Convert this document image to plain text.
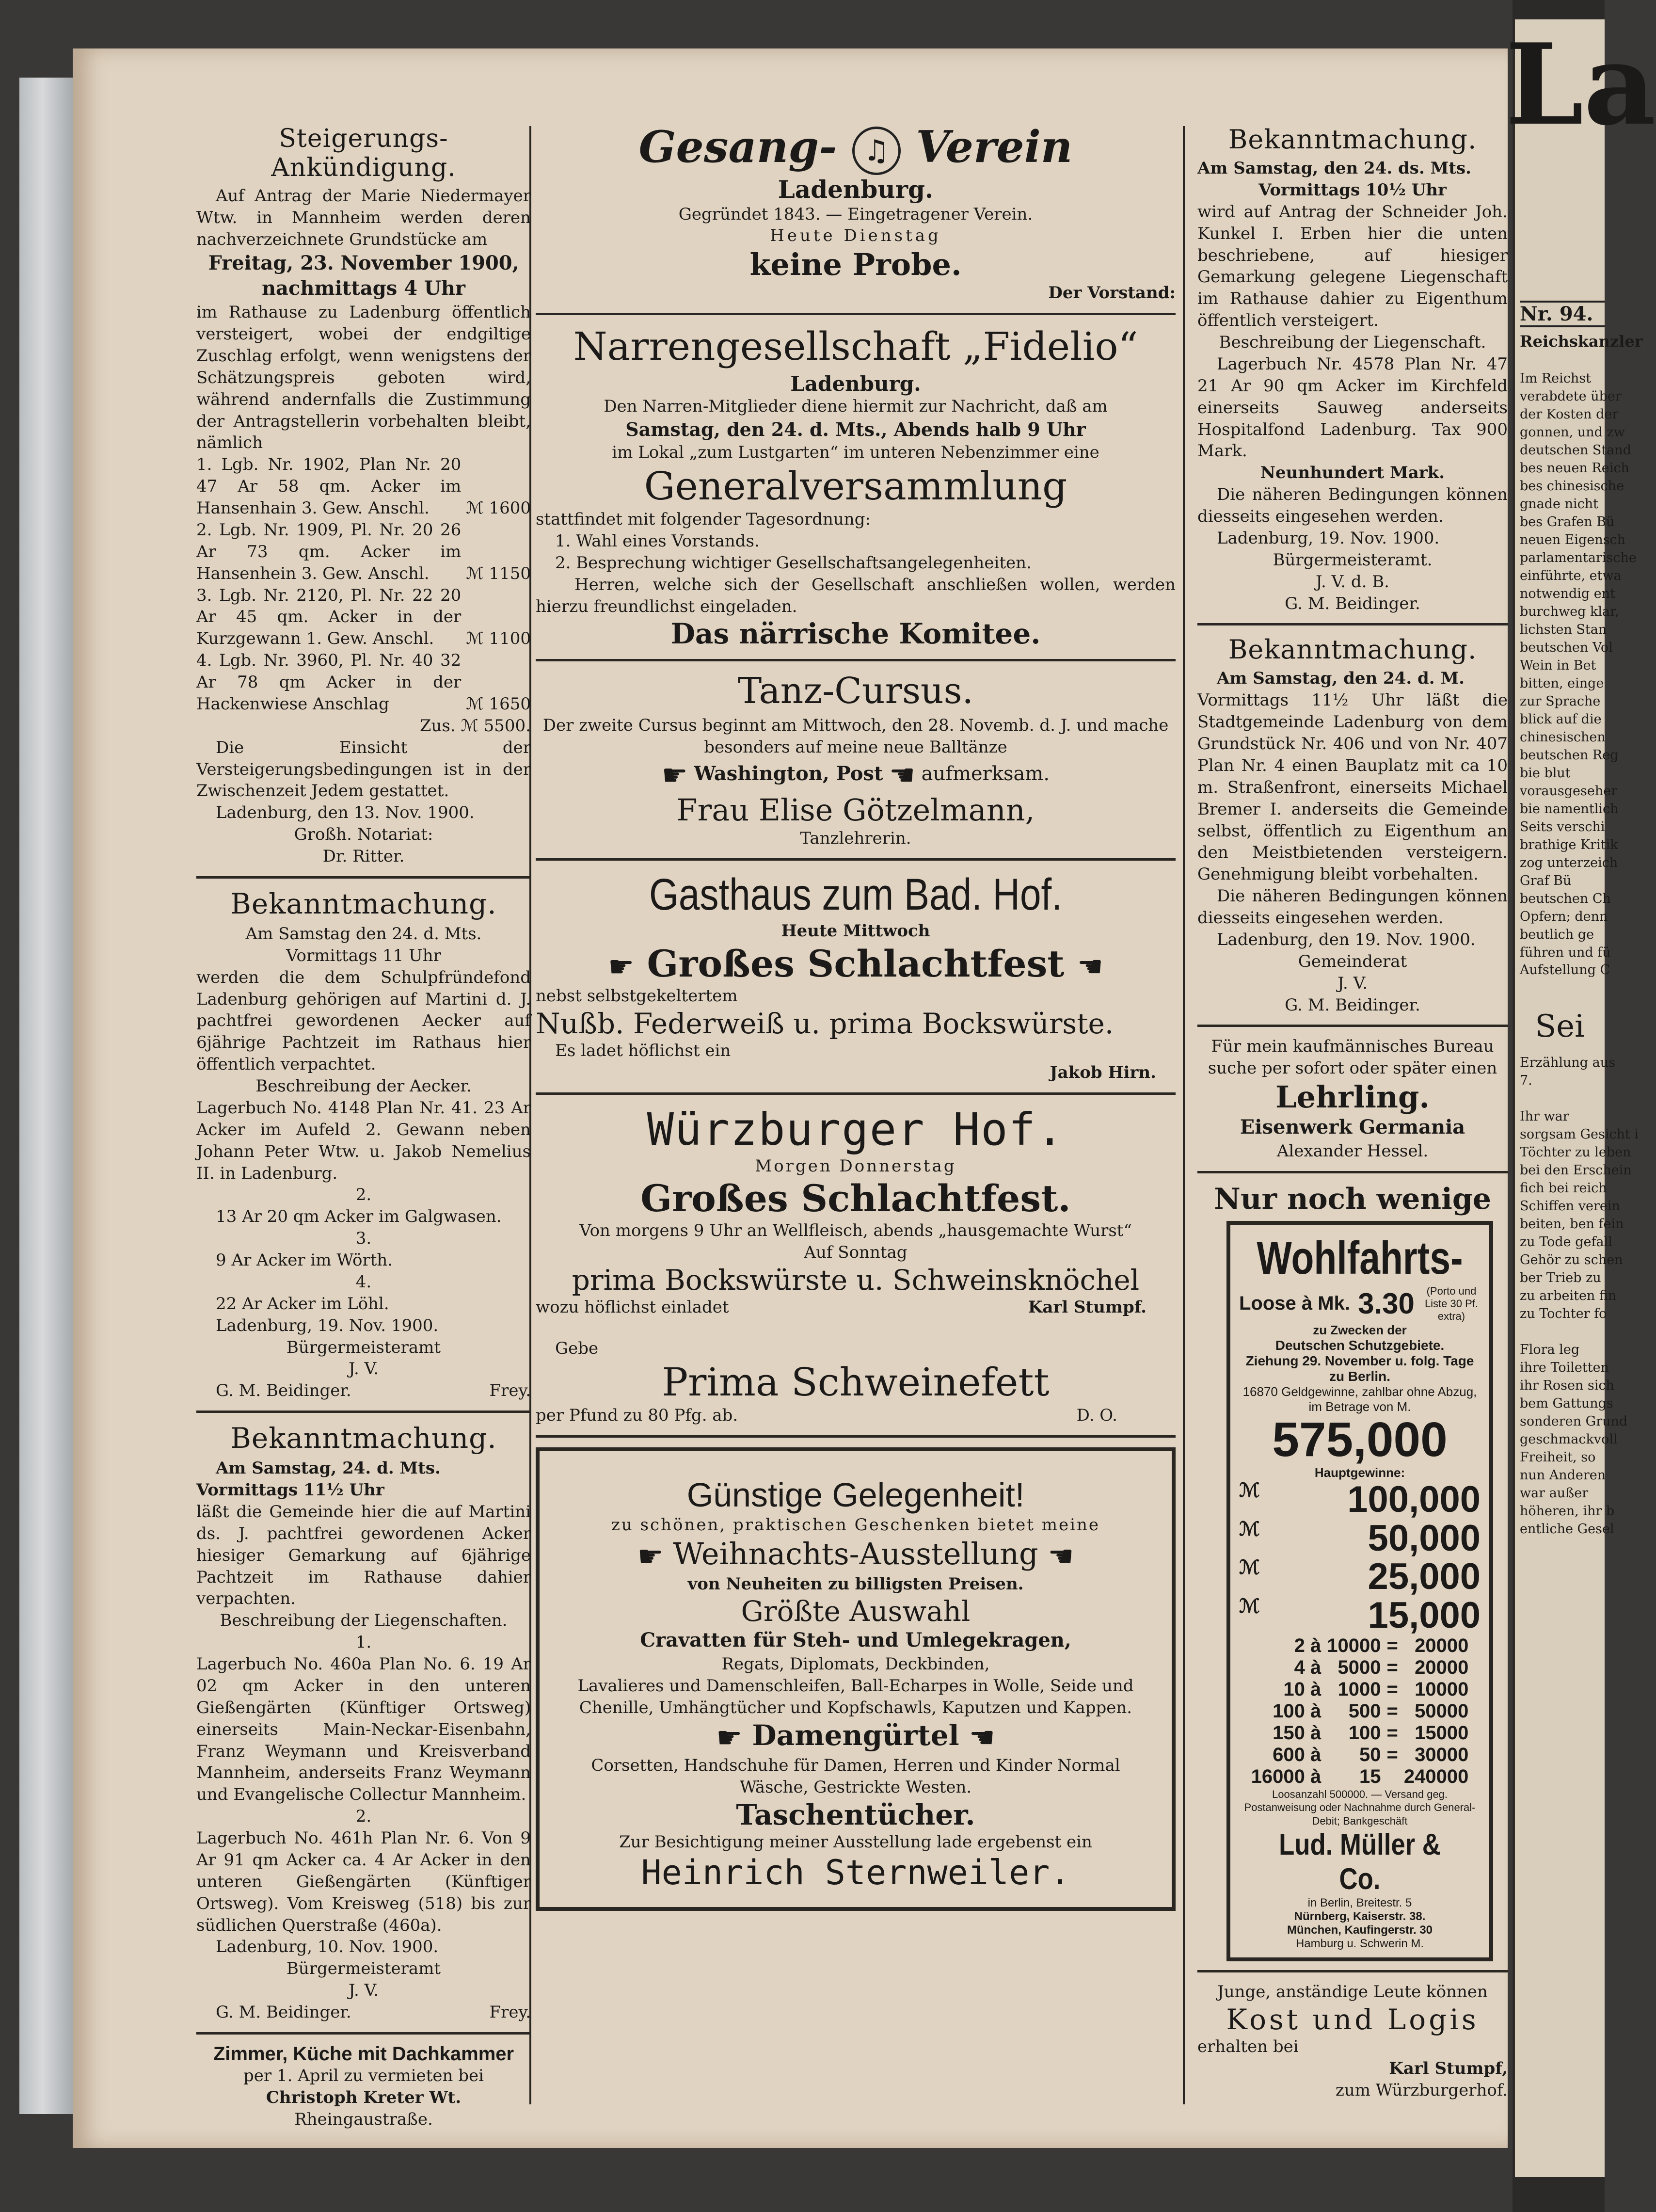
La
Nr. 94.
Reichskanzler
Im Reichst
verabdete über
der Kosten der
gonnen, und zw
deutschen Stand
bes neuen Reich
bes chinesische
gnade nicht
bes Grafen Bü
neuen Eigensch
parlamentarische
einführte, etwa
notwendig ent
burchweg klar,
lichsten Stan
beutschen Vol
Wein in Bet
bitten, einge
zur Sprache
blick auf die
chinesischen
beutschen Reg
bie blut
vorausgeseher
bie namentlich
Seits verschi
brathige Kritik
zog unterzeich
Graf Bü
beutschen Ch
Opfern; denn
beutlich ge
führen und fü
Aufstellung C
Sei
Erzählung aus
7.

Ihr war
sorgsam Gesicht i
Töchter zu leben
bei den Erschein
fich bei reich
Schiffen verein
beiten, ben fein
zu Tode gefall
Gehör zu schen
ber Trieb zu
zu arbeiten fin
zu Tochter fo

Flora leg
ihre Toiletten
ihr Rosen sich
bem Gattungs
sonderen Grund
geschmackvoll
Freiheit, so
nun Anderen
war außer
höheren, ihr b
entliche Gesel
Steigerungs-Ankündigung.

Auf Antrag der Marie Niedermayer Wtw. in Mannheim werden deren nachverzeichnete Grundstücke am

Freitag, 23. November 1900,

nachmittags 4 Uhr

im Rathause zu Ladenburg öffentlich versteigert, wobei der endgiltige Zuschlag erfolgt, wenn wenigstens der Schätzungspreis geboten wird, während andernfalls die Zustimmung der Antragstellerin vorbehalten bleibt, nämlich

1. Lgb. Nr. 1902, Plan Nr. 20 47 Ar 58 qm. Acker im Hansenhain 3. Gew. Anschl.	ℳ 1600
2. Lgb. Nr. 1909, Pl. Nr. 20 26 Ar 73 qm. Acker im Hansenhein 3. Gew. Anschl.	ℳ 1150
3. Lgb. Nr. 2120, Pl. Nr. 22 20 Ar 45 qm. Acker in der Kurzgewann 1. Gew. Anschl.	ℳ 1100
4. Lgb. Nr. 3960, Pl. Nr. 40 32 Ar 78 qm Acker in der Hackenwiese Anschlag	ℳ 1650

Zus. ℳ 5500.

Die Einsicht der Versteigerungsbedingungen ist in der Zwischenzeit Jedem gestattet.

Ladenburg, den 13. Nov. 1900.

Großh. Notariat:

Dr. Ritter.

Bekanntmachung.

Am Samstag den 24. d. Mts.

Vormittags 11 Uhr

werden die dem Schulpfründefond Ladenburg gehörigen auf Martini d. J. pachtfrei gewordenen Aecker auf 6jährige Pachtzeit im Rathaus hier öffentlich verpachtet.

Beschreibung der Aecker.

Lagerbuch No. 4148 Plan Nr. 41. 23 Ar Acker im Aufeld 2. Gewann neben Johann Peter Wtw. u. Jakob Nemelius II. in Ladenburg.

2.

13 Ar 20 qm Acker im Galgwasen.

3.

9 Ar Acker im Wörth.

4.

22 Ar Acker im Löhl.

Ladenburg, 19. Nov. 1900.

Bürgermeisteramt

J. V.

G. M. Beidinger.	Frey.
Bekanntmachung.

Am Samstag, 24. d. Mts.

Vormittags 11½ Uhr

läßt die Gemeinde hier die auf Martini ds. J. pachtfrei gewordenen Acker hiesiger Gemarkung auf 6jährige Pachtzeit im Rathause dahier verpachten.

Beschreibung der Liegenschaften.

1.

Lagerbuch No. 460a Plan No. 6. 19 Ar 02 qm Acker in den unteren Gießengärten (Künftiger Ortsweg) einerseits Main-Neckar-Eisenbahn, Franz Weymann und Kreisverband Mannheim, anderseits Franz Weymann und Evangelische Collectur Mannheim.

2.

Lagerbuch No. 461h Plan Nr. 6. Von 9 Ar 91 qm Acker ca. 4 Ar Acker in den unteren Gießengärten (Künftiger Ortsweg). Vom Kreisweg (518) bis zur südlichen Querstraße (460a).

Ladenburg, 10. Nov. 1900.

Bürgermeisteramt

J. V.

G. M. Beidinger.	Frey.

Zimmer, Küche mit Dachkammer

per 1. April zu vermieten bei

Christoph Kreter Wt.

Rheingaustraße.

Gesang- ♫ Verein

Ladenburg.

Gegründet 1843. — Eingetragener Verein.

Heute Dienstag

keine Probe.

Der Vorstand:

Narrengesellschaft „Fidelio“

Ladenburg.

Den Narren-Mitglieder diene hiermit zur Nachricht, daß am

Samstag, den 24. d. Mts., Abends halb 9 Uhr

im Lokal „zum Lustgarten“ im unteren Nebenzimmer eine

Generalversammlung

stattfindet mit folgender Tagesordnung:

1. Wahl eines Vorstands.

2. Besprechung wichtiger Gesellschaftsangelegenheiten.

Herren, welche sich der Gesellschaft anschließen wollen, werden hierzu freundlichst eingeladen.

Das närrische Komitee.

Tanz-Cursus.

Der zweite Cursus beginnt am Mittwoch, den 28. Novemb. d. J. und mache besonders auf meine neue Balltänze

☛ Washington, Post ☚ aufmerksam.

Frau Elise Götzelmann,

Tanzlehrerin.

Gasthaus zum Bad. Hof.

Heute Mittwoch

☛ Großes Schlachtfest ☚

nebst selbstgekeltertem

Nußb. Federweiß u. prima Bockswürste.

Es ladet höflichst ein

Jakob Hirn.

Würzburger Hof.

Morgen Donnerstag

Großes Schlachtfest.

Von morgens 9 Uhr an Wellfleisch, abends „hausgemachte Wurst“

Auf Sonntag

prima Bockswürste u. Schweinsknöchel

wozu höflichst einladet	Karl Stumpf.

Gebe

Prima Schweinefett

per Pfund zu 80 Pfg. ab.	D. O.

Günstige Gelegenheit!

zu schönen, praktischen Geschenken bietet meine

☛ Weihnachts-Ausstellung ☚

von Neuheiten zu billigsten Preisen.

Größte Auswahl

Cravatten für Steh- und Umlegekragen,

Regats, Diplomats, Deckbinden,

Lavalieres und Damenschleifen, Ball-Echarpes in Wolle, Seide und Chenille, Umhängtücher und Kopfschawls, Kaputzen und Kappen.

☛ Damengürtel ☚

Corsetten, Handschuhe für Damen, Herren und Kinder Normal Wäsche, Gestrickte Westen.

Taschentücher.

Zur Besichtigung meiner Ausstellung lade ergebenst ein

Heinrich Sternweiler.

Bekanntmachung.

Am Samstag, den 24. ds. Mts.

Vormittags 10½ Uhr

wird auf Antrag der Schneider Joh. Kunkel I. Erben hier die unten beschriebene, auf hiesiger Gemarkung gelegene Liegenschaft im Rathause dahier zu Eigenthum öffentlich versteigert.

Beschreibung der Liegenschaft.

Lagerbuch Nr. 4578 Plan Nr. 47 21 Ar 90 qm Acker im Kirchfeld einerseits Sauweg anderseits Hospitalfond Ladenburg. Tax 900 Mark.

Neunhundert Mark.

Die näheren Bedingungen können diesseits eingesehen werden.

Ladenburg, 19. Nov. 1900.

Bürgermeisteramt.

J. V. d. B.

G. M. Beidinger.

Bekanntmachung.

Am Samstag, den 24. d. M.

Vormittags 11½ Uhr läßt die Stadtgemeinde Ladenburg von dem Grundstück Nr. 406 und von Nr. 407 Plan Nr. 4 einen Bauplatz mit ca 10 m. Straßenfront, einerseits Michael Bremer I. anderseits die Gemeinde selbst, öffentlich zu Eigenthum an den Meistbietenden versteigern. Genehmigung bleibt vorbehalten.

Die näheren Bedingungen können diesseits eingesehen werden.

Ladenburg, den 19. Nov. 1900.

Gemeinderat

J. V.

G. M. Beidinger.

Für mein kaufmännisches Bureau suche per sofort oder später einen

Lehrling.

Eisenwerk Germania

Alexander Hessel.

Nur noch wenige

Wohlfahrts-

Loose à Mk. 3.30	(Porto und Liste 30 Pf. extra)

zu Zwecken der

Deutschen Schutzgebiete.

Ziehung 29. November u. folg. Tage

zu Berlin.

16870 Geldgewinne, zahlbar ohne Abzug, im Betrage von M.

575,000

Hauptgewinne:

ℳ 100,000
ℳ	50,000
ℳ	25,000
ℳ	15,000
2 à	10000	=	20000
4 à	5000	=	20000
10 à	1000	=	10000
100 à	500	=	50000
150 à	100	=	15000
600 à	50	=	30000
16000 à	15		240000

Loosanzahl 500000. — Versand geg. Postanweisung oder Nachnahme durch General-Debit; Bankgeschäft

Lud. Müller & Co.

in Berlin, Breitestr. 5

Nürnberg, Kaiserstr. 38.

München, Kaufingerstr. 30

Hamburg u. Schwerin M.

Junge, anständige Leute können

Kost und Logis

erhalten bei

Karl Stumpf,

zum Würzburgerhof.
